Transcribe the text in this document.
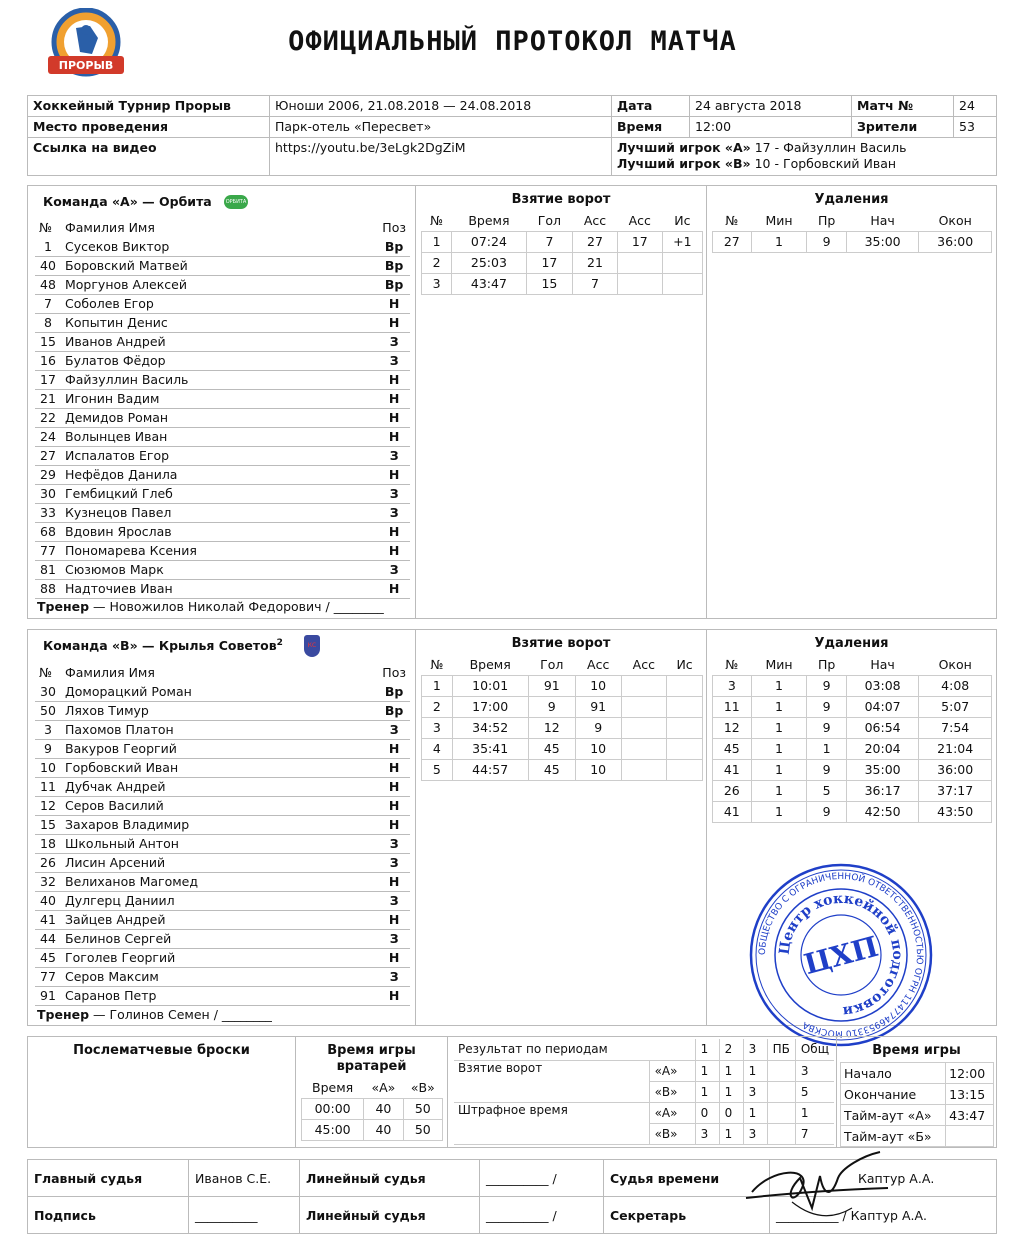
ПРОРЫВ
ОФИЦИАЛЬНЫЙ ПРОТОКОЛ МАТЧА
Хоккейный Турнир Прорыв	Юноши 2006, 21.08.2018 — 24.08.2018	Дата	24 августа 2018	Матч №	24
Место проведения	Парк-отель «Пересвет»	Время	12:00	Зрители	53
Ссылка на видео	https://youtu.be/3eLgk2DgZiM	Лучший игрок «А» 17 - Файзуллин Василь
Лучший игрок «В» 10 - Горбовский Иван			
Команда «А» — Орбита	ОРБИТА
№	Фамилия Имя	Поз
1	Сусеков Виктор	Вр
40	Боровский Матвей	Вр
48	Моргунов Алексей	Вр
7	Соболев Егор	Н
8	Копытин Денис	Н
15	Иванов Андрей	З
16	Булатов Фёдор	З
17	Файзуллин Василь	Н
21	Игонин Вадим	Н
22	Демидов Роман	Н
24	Волынцев Иван	Н
27	Испалатов Егор	З
29	Нефёдов Данила	Н
30	Гембицкий Глеб	З
33	Кузнецов Павел	З
68	Вдовин Ярослав	Н
77	Пономарева Ксения	Н
81	Сюзюмов Марк	З
88	Надточиев Иван	Н
Тренер — Новожилов Николай Федорович / ________
Взятие ворот
№	Время	Гол	Асс	Асс	Ис
1	07:24	7	27	17	+1
2	25:03	17	21		
3	43:47	15	7		
Удаления
№	Мин	Пр	Нач	Окон
27	1	9	35:00	36:00
Команда «В» — Крылья Советов$^2$	КС
№	Фамилия Имя	Поз
30	Доморацкий Роман	Вр
50	Ляхов Тимур	Вр
3	Пахомов Платон	З
9	Вакуров Георгий	Н
10	Горбовский Иван	Н
11	Дубчак Андрей	Н
12	Серов Василий	Н
15	Захаров Владимир	Н
18	Школьный Антон	З
26	Лисин Арсений	З
32	Велиханов Магомед	Н
40	Дулгерц Даниил	З
41	Зайцев Андрей	Н
44	Белинов Сергей	З
45	Гоголев Георгий	Н
77	Серов Максим	З
91	Саранов Петр	Н
Тренер — Голинов Семен / ________
Взятие ворот
№	Время	Гол	Асс	Асс	Ис
1	10:01	91	10		
2	17:00	9	91		
3	34:52	12	9		
4	35:41	45	10		
5	44:57	45	10		
Удаления
№	Мин	Пр	Нач	Окон
3	1	9	03:08	4:08
11	1	9	04:07	5:07
12	1	9	06:54	7:54
45	1	1	20:04	21:04
41	1	9	35:00	36:00
26	1	5	36:17	37:17
41	1	9	42:50	43:50
ОБЩЕСТВО С ОГРАНИЧЕННОЙ ОТВЕТСТВЕННОСТЬЮ ОГРН 1147746953310 МОСКВА
Центр хоккейной подготовки
ЦХП
Послематчевые броски	Время игры вратарей
Время	«А»	«В»
00:00	40	50
45:00	40	50
Результат по периодам		1	2	3	ПБ	Общ
Взятие ворот	«А»	1	1	1		3
	«В»	1	1	3		5
Штрафное время	«А»	0	0	1		1
	«В»	3	1	3		7
Время игры
Начало	12:00
Окончание	13:15
Тайм-аут «А»	43:47
Тайм-аут «Б»	
Главный судья	Иванов С.Е.	Линейный судья	__________ /	Судья времени	Каптур А.А.
Подпись	__________	Линейный судья	__________ /	Секретарь	__________ / Каптур А.А.
